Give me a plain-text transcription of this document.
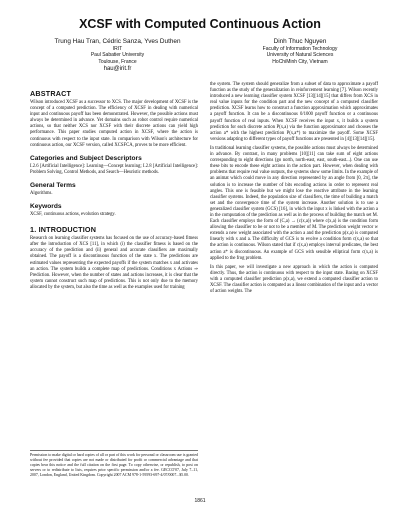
XCSF with Computed Continuous Action
Trung Hau Tran, Cédric Sanza, Yves Duthen
IRIT
Paul Sabatier University
Toulouse, France
hau@irit.fr
Dinh Thuc Nguyen
Faculty of Information Technology
University of Natural Sciences
HoChiMinh City, Vietnam
ABSTRACT

Wilson introduced XCSF as a successor to XCS. The major development of XCSF is the concept of a computed prediction. The efficiency of XCSF in dealing with numerical input and continuous payoff has been demonstrated. However, the possible actions must always be determined in advance. Yet domains such as robot control require numerical actions, so that neither XCS nor XCSF with their discrete actions can yield high performance. This paper studies computed action in XCSF, where the action is continuous with respect to the input state. In comparison with Wilson's architecture for continuous action, our XCSF version, called XCSFCA, proves to be more efficient.

Categories and Subject Descriptors

I.2.6 [Artificial Intelligence]: Learning—Concept learning; I.2.8 [Artificial Intelligence]: Problem Solving, Control Methods, and Search—Heuristic methods.

General Terms

Algorithms.

Keywords

XCSF, continuous actions, evolution strategy.

1. INTRODUCTION

Research on learning classifier systems has focused on the use of accuracy-based fitness after the introduction of XCS [11], in which (i) the classifier fitness is based on the accuracy of the prediction and (ii) general and accurate classifiers are maximally obtained. The payoff is a discontinuous function of the state x. The predictions are estimated values representing the expected payoffs if the system matches x and activates an action. The system builds a complete map of predictions. Conditions x Actions ⇒ Prediction. However, when the number of states and actions increases, it is clear that the system cannot construct such map of predictions. This is not only due to the memory allocated by the system, but also the time as well as the examples used for training

Permission to make digital or hard copies of all or part of this work for personal or classroom use is granted without fee provided that copies are not made or distributed for profit or commercial advantage and that copies bear this notice and the full citation on the first page. To copy otherwise, or republish, to post on servers or to redistribute to lists, requires prior specific permission and/or a fee. GECCO'07, July 7–11, 2007, London, England, United Kingdom. Copyright 2007 ACM 978-1-59593-697-4/07/0007...$5.00.

the system. The system should generalize from a subset of data to approximate a payoff function as the study of the generalization in reinforcement learning [7]. Wilson recently introduced a new learning classifier system XCSF [13][14][15] that differs from XCS in real value inputs for the condition part and the new concept of a computed classifier prediction. XCSF learns how to construct a function approximation which approximates a payoff function. It can be a discontinuous 0/1000 payoff function or a continuous payoff function of real inputs. When XCSF receives the input x, it builds a system prediction for each discrete action P(x,a) via the function approximator and chooses the action a* with the highest prediction P(x,a*) to maximize the payoff. Some XCSF versions adapting to different types of payoff functions are presented in [4][13][14][15].

In traditional learning classifier systems, the possible actions must always be determined in advance. By contrast, in many problems [10][11] can take sum of eight actions corresponding to eight directions (go north, north-east, east, south-east...). One can use these bits to encode these eight actions in the action part. However, when dealing with problems that require real value outputs, the systems show some limits. In the example of an animat which could move in any direction represented by an angle from [0, 2π], the solution is to increase the number of bits encoding actions in order to represent real angles. This one is feasible but we might lose the reactive attribute in the learning classifier systems. Indeed, the population size of classifiers, the time of building a match set and the convergence time of the system increase. Another solution is to use a generalized classifier system (GCS) [16], in which the input x is linked with the action a in the computation of the prediction as well as in the process of building the match set M. Each classifier employs the form of (C,a) → (c(x,a)) where c(x,a) is the condition form allowing the classifier to be or not to be a member of M. The prediction weight vector w extends a new weight associated with the action a and the prediction p(x,a) is computed linearly with x and a. The difficulty of GCS is to evolve a condition form c(x,a) so that the action is continuous. Wilson stated that if c(x,a) employs interval predicates, the best action a* is discontinuous. An example of GCS with sensible elliptical form c(x,a) is applied to the frog problem.

In this paper, we will investigate a new approach in which the action is computed directly. Thus, the action is continuous with respect to the input state. Basing on XCSF with a computed classifier prediction p(x,a), we extend a computed classifier action to XCSF. The classifier action is computed as a linear combination of the input and a vector of action weights. The

1861
